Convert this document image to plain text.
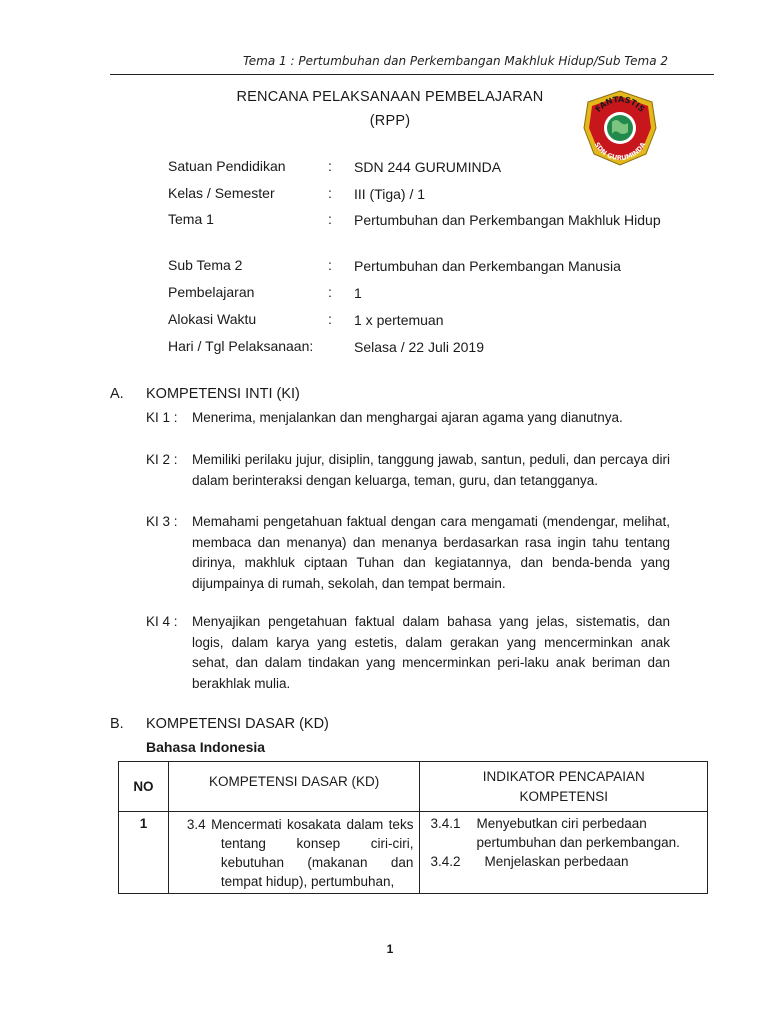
Tema 1 : Pertumbuhan dan Perkembangan Makhluk Hidup/Sub Tema 2
RENCANA PELAKSANAAN PEMBELAJARAN
(RPP)
FANTASTIS
SDN GURUMINDA
Satuan Pendidikan	: SDN 244 GURUMINDA
Kelas / Semester	: III (Tiga) / 1
Tema 1	: Pertumbuhan dan Perkembangan Makhluk Hidup
Sub Tema 2	: Pertumbuhan dan Perkembangan Manusia
Pembelajaran	: 1
Alokasi Waktu	: 1 x pertemuan
Hari / Tgl Pelaksanaan:	Selasa / 22 Juli 2019
A. KOMPETENSI INTI (KI)
KI 1 : Menerima, menjalankan dan menghargai ajaran agama yang dianutnya.
KI 2 : Memiliki perilaku jujur, disiplin, tanggung jawab, santun, peduli, dan percaya diri dalam berinteraksi dengan keluarga, teman, guru, dan tetangganya.
KI 3 : Memahami pengetahuan faktual dengan cara mengamati (mendengar, melihat, membaca dan menanya) dan menanya berdasarkan rasa ingin tahu tentang dirinya, makhluk ciptaan Tuhan dan kegiatannya, dan benda-benda yang dijumpainya di rumah, sekolah, dan tempat bermain.
KI 4 : Menyajikan pengetahuan faktual dalam bahasa yang jelas, sistematis, dan logis, dalam karya yang estetis, dalam gerakan yang mencerminkan anak sehat, dan dalam tindakan yang mencerminkan peri-laku anak beriman dan berakhlak mulia.
B. KOMPETENSI DASAR (KD)
Bahasa Indonesia
NO	KOMPETENSI DASAR (KD)	INDIKATOR PENCAPAIAN KOMPETENSI
1	3.4 Mencermati kosakata dalam teks tentang konsep ciri-ciri, kebutuhan (makanan dan tempat hidup), pertumbuhan,	3.4.1 Menyebutkan ciri perbedaan pertumbuhan dan perkembangan.
3.4.2 Menjelaskan perbedaan
1
